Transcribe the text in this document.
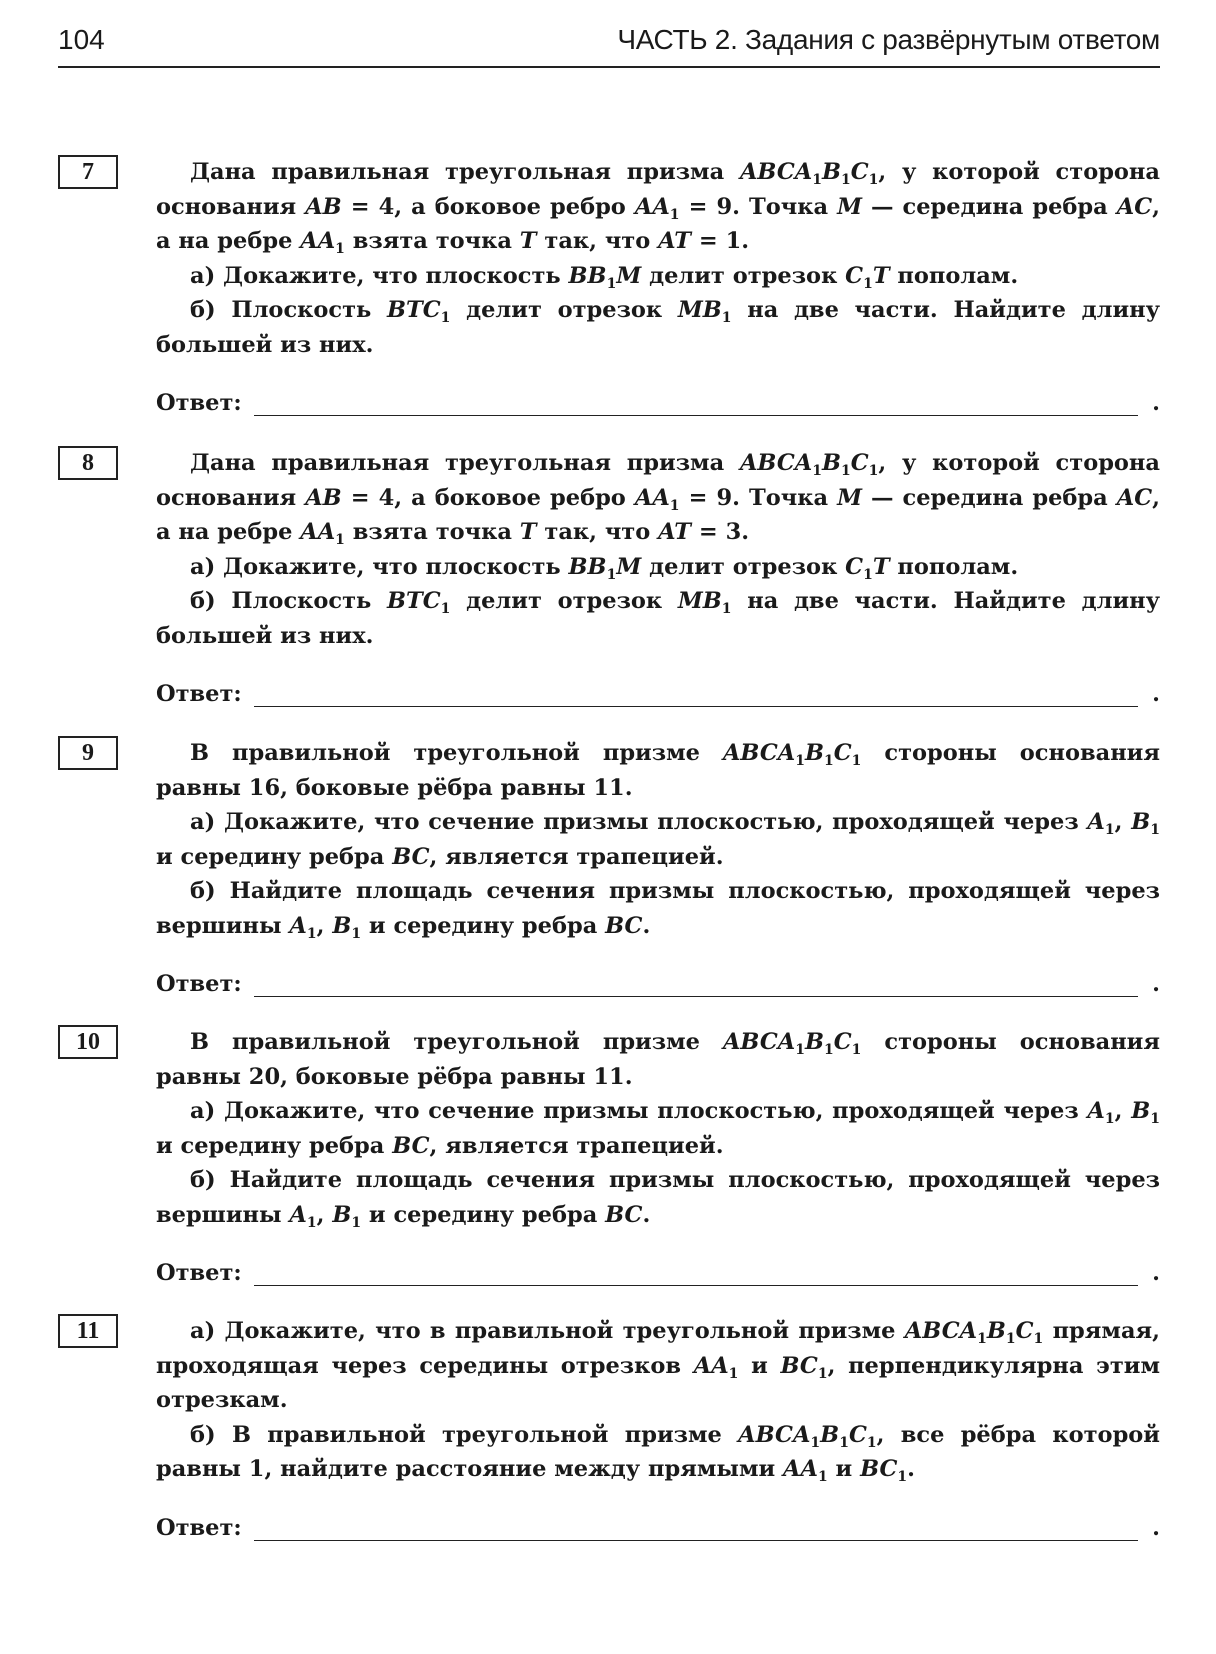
104	ЧАСТЬ 2. Задания с развёрнутым ответом
7	Дана правильная треугольная призма $ABCA_1B_1C_1$, у которой сторона основания AB = 4, а боковое ребро $AA_1 = 9$. Точка M — середина ребра AC, а на ребре $AA_1$ взята точка T так, что AT = 1.

а) Докажите, что плоскость $BB_1M$ делит отрезок $C_1T$ пополам.

б) Плоскость $BTC_1$ делит отрезок $MB_1$ на две части. Найдите длину большей из них.

Ответ:	.
8	Дана правильная треугольная призма $ABCA_1B_1C_1$, у которой сторона основания AB = 4, а боковое ребро $AA_1 = 9$. Точка M — середина ребра AC, а на ребре $AA_1$ взята точка T так, что AT = 3.

а) Докажите, что плоскость $BB_1M$ делит отрезок $C_1T$ пополам.

б) Плоскость $BTC_1$ делит отрезок $MB_1$ на две части. Найдите длину большей из них.

Ответ:	.
9	В правильной треугольной призме $ABCA_1B_1C_1$ стороны основания равны 16, боковые рёбра равны 11.

а) Докажите, что сечение призмы плоскостью, проходящей через $A_1$, $B_1$ и середину ребра BC, является трапецией.

б) Найдите площадь сечения призмы плоскостью, проходящей через вершины $A_1$, $B_1$ и середину ребра BC.

Ответ:	.
10	В правильной треугольной призме $ABCA_1B_1C_1$ стороны основания равны 20, боковые рёбра равны 11.

а) Докажите, что сечение призмы плоскостью, проходящей через $A_1$, $B_1$ и середину ребра BC, является трапецией.

б) Найдите площадь сечения призмы плоскостью, проходящей через вершины $A_1$, $B_1$ и середину ребра BC.

Ответ:	.
11	а) Докажите, что в правильной треугольной призме $ABCA_1B_1C_1$ прямая, проходящая через середины отрезков $AA_1$ и $BC_1$, перпендикулярна этим отрезкам.

б) В правильной треугольной призме $ABCA_1B_1C_1$, все рёбра которой равны 1, найдите расстояние между прямыми $AA_1$ и $BC_1$.

Ответ:	.
